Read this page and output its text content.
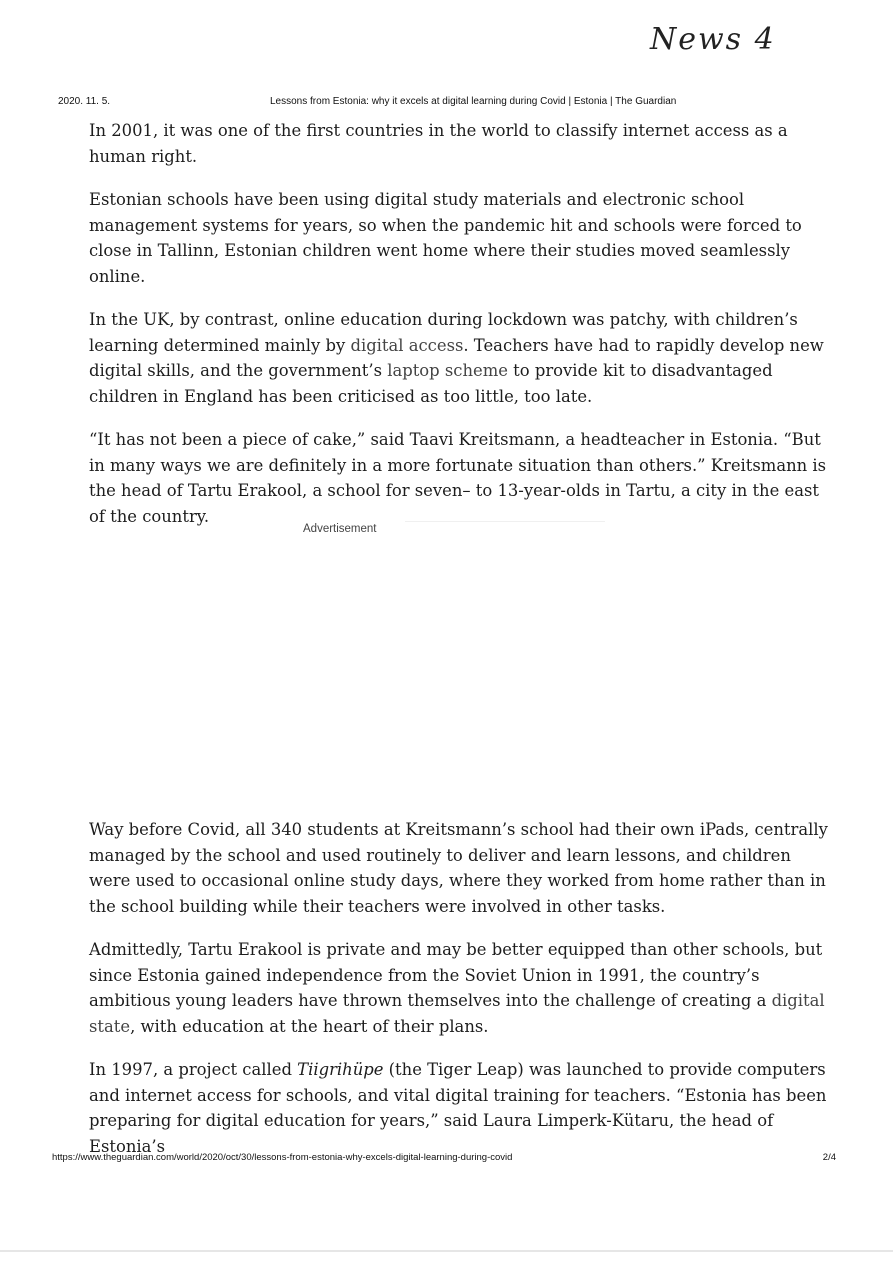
News 4
2020. 11. 5.	Lessons from Estonia: why it excels at digital learning during Covid | Estonia | The Guardian

In 2001, it was one of the first countries in the world to classify internet access as a human right.

Estonian schools have been using digital study materials and electronic school management systems for years, so when the pandemic hit and schools were forced to close in Tallinn, Estonian children went home where their studies moved seamlessly online.

In the UK, by contrast, online education during lockdown was patchy, with children’s learning determined mainly by digital access. Teachers have had to rapidly develop new digital skills, and the government’s laptop scheme to provide kit to disadvantaged children in England has been criticised as too little, too late.

“It has not been a piece of cake,” said Taavi Kreitsmann, a headteacher in Estonia. “But in many ways we are definitely in a more fortunate situation than others.” Kreitsmann is the head of Tartu Erakool, a school for seven– to 13-year-olds in Tartu, a city in the east of the country.

Advertisement

Way before Covid, all 340 students at Kreitsmann’s school had their own iPads, centrally managed by the school and used routinely to deliver and learn lessons, and children were used to occasional online study days, where they worked from home rather than in the school building while their teachers were involved in other tasks.

Admittedly, Tartu Erakool is private and may be better equipped than other schools, but since Estonia gained independence from the Soviet Union in 1991, the country’s ambitious young leaders have thrown themselves into the challenge of creating a digital state, with education at the heart of their plans.

In 1997, a project called Tiigrihüpe (the Tiger Leap) was launched to provide computers and internet access for schools, and vital digital training for teachers. “Estonia has been preparing for digital education for years,” said Laura Limperk-Kütaru, the head of Estonia’s

https://www.theguardian.com/world/2020/oct/30/lessons-from-estonia-why-excels-digital-learning-during-covid	2/4
